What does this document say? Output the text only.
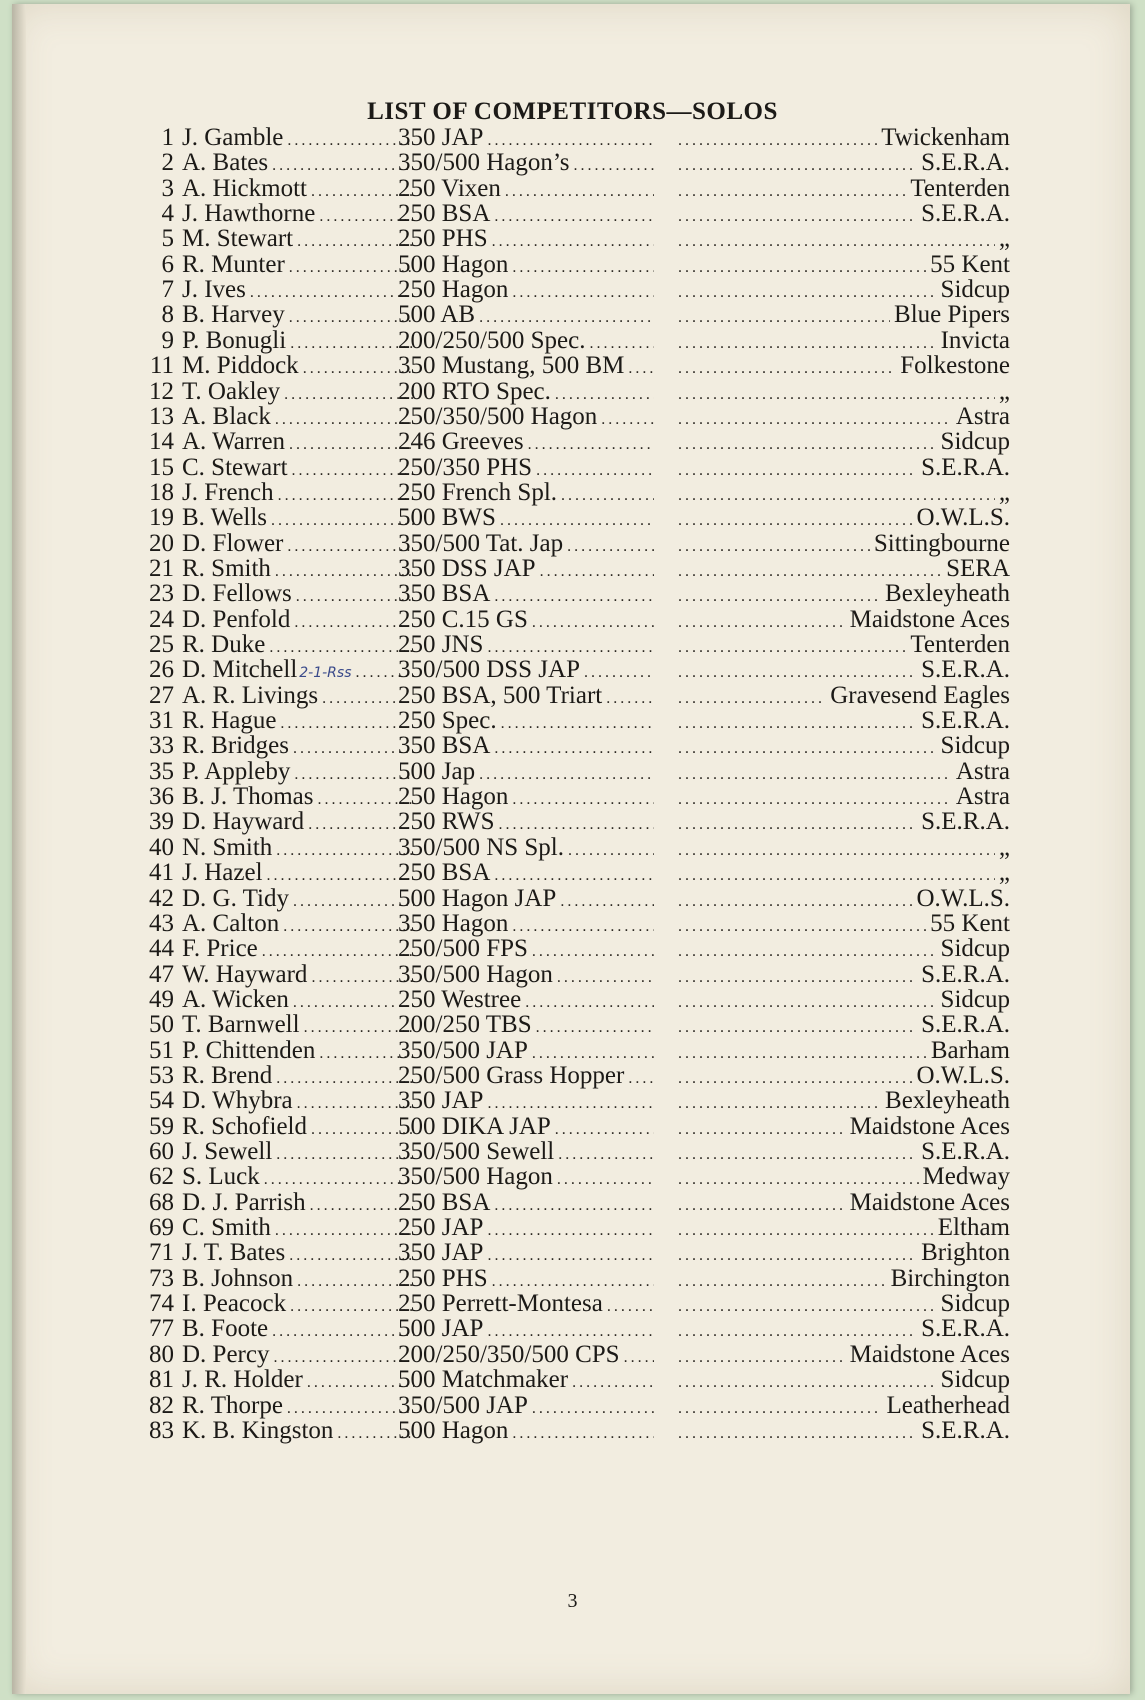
LIST OF COMPETITORS—SOLOS
1 J. Gamble .....	350 JAP ..... .....	Twickenham
2 A. Bates .....	350/500 Hagon’s ..... .....	S.E.R.A.
3 A. Hickmott .....	250 Vixen ..... .....	Tenterden
4 J. Hawthorne .....	250 BSA ..... .....	S.E.R.A.
5 M. Stewart .....	250 PHS ..... .....	„
6 R. Munter .....	500 Hagon ..... .....	55 Kent
7 J. Ives .....	250 Hagon ..... .....	Sidcup
8 B. Harvey .....	500 AB ..... .....	Blue Pipers
9 P. Bonugli .....	200/250/500 Spec. ..... .....	Invicta
11 M. Piddock .....	350 Mustang, 500 BM ..... .....	Folkestone
12 T. Oakley .....	200 RTO Spec. ..... .....	„
13 A. Black .....	250/350/500 Hagon ..... .....	Astra
14 A. Warren .....	246 Greeves ..... .....	Sidcup
15 C. Stewart .....	250/350 PHS ..... .....	S.E.R.A.
18 J. French .....	250 French Spl. ..... .....	„
19 B. Wells .....	500 BWS ..... .....	O.W.L.S.
20 D. Flower .....	350/500 Tat. Jap ..... .....	Sittingbourne
21 R. Smith .....	350 DSS JAP ..... .....	SERA
23 D. Fellows .....	350 BSA ..... .....	Bexleyheath
24 D. Penfold .....	250 C.15 GS ..... .....	Maidstone Aces
25 R. Duke .....	250 JNS ..... .....	Tenterden
26 D. Mitchell 2-1-Rss ..... 350/500 DSS JAP ..... .....	S.E.R.A.
27 A. R. Livings .....	250 BSA, 500 Triart ..... .....	Gravesend Eagles
31 R. Hague .....	250 Spec. ..... .....	S.E.R.A.
33 R. Bridges .....	350 BSA ..... .....	Sidcup
35 P. Appleby .....	500 Jap ..... .....	Astra
36 B. J. Thomas .....	250 Hagon ..... .....	Astra
39 D. Hayward .....	250 RWS ..... .....	S.E.R.A.
40 N. Smith .....	350/500 NS Spl. ..... .....	„
41 J. Hazel .....	250 BSA ..... .....	„
42 D. G. Tidy .....	500 Hagon JAP ..... .....	O.W.L.S.
43 A. Calton .....	350 Hagon ..... .....	55 Kent
44 F. Price .....	250/500 FPS ..... .....	Sidcup
47 W. Hayward .....	350/500 Hagon ..... .....	S.E.R.A.
49 A. Wicken .....	250 Westree ..... .....	Sidcup
50 T. Barnwell .....	200/250 TBS ..... .....	S.E.R.A.
51 P. Chittenden .....	350/500 JAP ..... .....	Barham
53 R. Brend .....	250/500 Grass Hopper ..... .....	O.W.L.S.
54 D. Whybra .....	350 JAP ..... .....	Bexleyheath
59 R. Schofield .....	500 DIKA JAP ..... .....	Maidstone Aces
60 J. Sewell .....	350/500 Sewell ..... .....	S.E.R.A.
62 S. Luck .....	350/500 Hagon ..... .....	Medway
68 D. J. Parrish .....	250 BSA ..... .....	Maidstone Aces
69 C. Smith .....	250 JAP ..... .....	Eltham
71 J. T. Bates .....	350 JAP ..... .....	Brighton
73 B. Johnson .....	250 PHS ..... .....	Birchington
74 I. Peacock .....	250 Perrett-Montesa ..... .....	Sidcup
77 B. Foote .....	500 JAP ..... .....	S.E.R.A.
80 D. Percy .....	200/250/350/500 CPS ..... .....	Maidstone Aces
81 J. R. Holder .....	500 Matchmaker ..... .....	Sidcup
82 R. Thorpe .....	350/500 JAP ..... .....	Leatherhead
83 K. B. Kingston .....	500 Hagon ..... .....	S.E.R.A.
3
